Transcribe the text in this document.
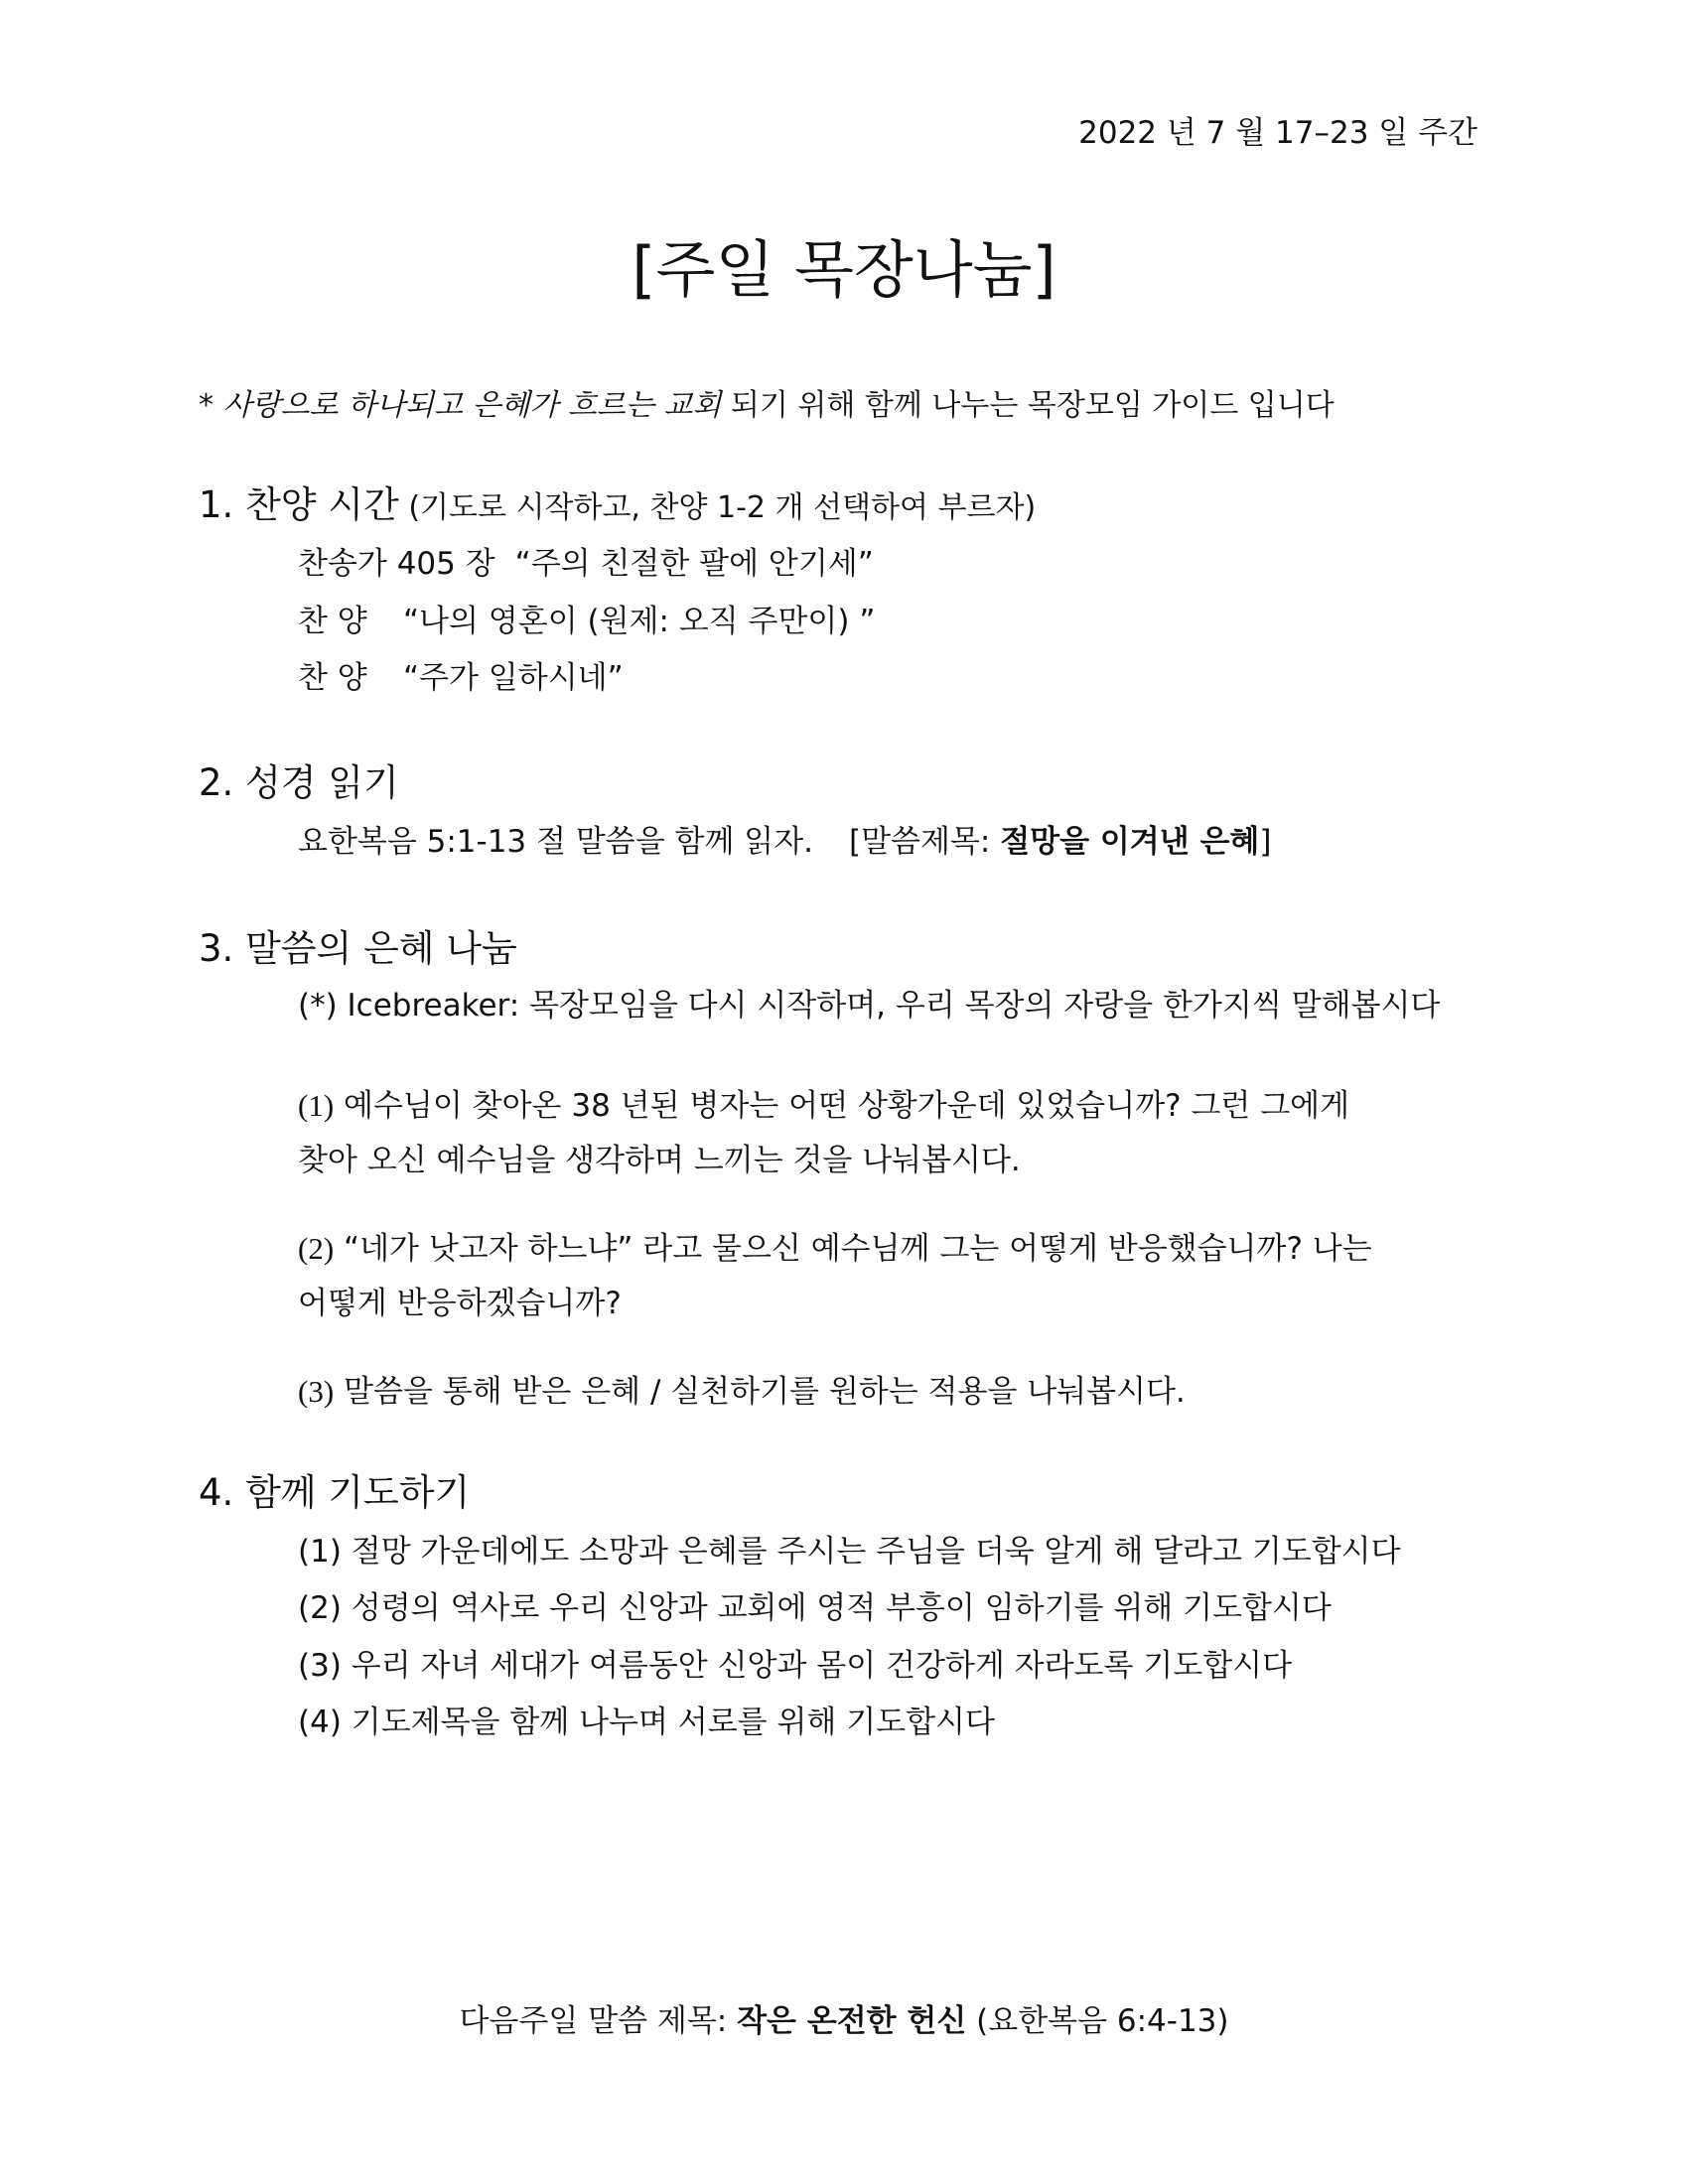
2022 년 7 월 17–23 일 주간
[주일 목장나눔]
* 사랑으로 하나되고 은혜가 흐르는 교회 되기 위해 함께 나누는 목장모임 가이드 입니다
1. 찬양 시간 (기도로 시작하고, 찬양 1-2 개 선택하여 부르자)
찬송가 405 장 “주의 친절한 팔에 안기세”
찬 양 “나의 영혼이 (원제: 오직 주만이) ”
찬 양 “주가 일하시네”
2. 성경 읽기
요한복음 5:1-13 절 말씀을 함께 읽자. [말씀제목: 절망을 이겨낸 은혜]
3. 말씀의 은혜 나눔
(*) Icebreaker: 목장모임을 다시 시작하며, 우리 목장의 자랑을 한가지씩 말해봅시다
(1) 예수님이 찾아온 38 년된 병자는 어떤 상황가운데 있었습니까? 그런 그에게
찾아 오신 예수님을 생각하며 느끼는 것을 나눠봅시다.
(2) “네가 낫고자 하느냐” 라고 물으신 예수님께 그는 어떻게 반응했습니까? 나는
어떻게 반응하겠습니까?
(3) 말씀을 통해 받은 은혜 / 실천하기를 원하는 적용을 나눠봅시다.
4. 함께 기도하기
(1) 절망 가운데에도 소망과 은혜를 주시는 주님을 더욱 알게 해 달라고 기도합시다
(2) 성령의 역사로 우리 신앙과 교회에 영적 부흥이 임하기를 위해 기도합시다
(3) 우리 자녀 세대가 여름동안 신앙과 몸이 건강하게 자라도록 기도합시다
(4) 기도제목을 함께 나누며 서로를 위해 기도합시다
다음주일 말씀 제목: 작은 온전한 헌신 (요한복음 6:4-13)
